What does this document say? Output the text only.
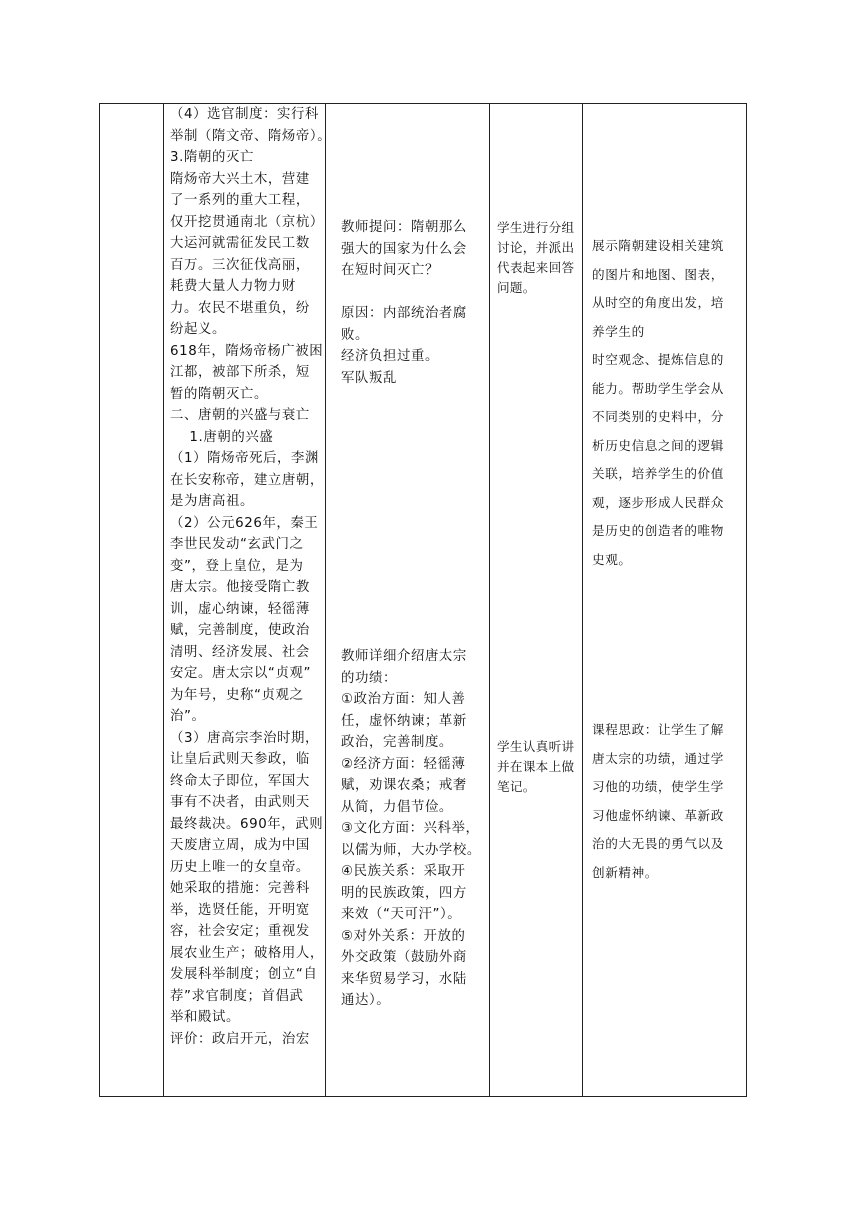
（4）选官制度：实行科
举制（隋文帝、隋炀帝）。
3.隋朝的灭亡
隋炀帝大兴土木，营建
了一系列的重大工程，
仅开挖贯通南北（京杭）
大运河就需征发民工数
百万。三次征伐高丽，
耗费大量人力物力财
力。农民不堪重负，纷
纷起义。
618年，隋炀帝杨广被困
江都，被部下所杀，短
暂的隋朝灭亡。
二、唐朝的兴盛与衰亡
1.唐朝的兴盛
（1）隋炀帝死后，李渊
在长安称帝，建立唐朝，
是为唐高祖。
（2）公元626年，秦王
李世民发动“玄武门之
变”，登上皇位，是为
唐太宗。他接受隋亡教
训，虚心纳谏，轻徭薄
赋，完善制度，使政治
清明、经济发展、社会
安定。唐太宗以“贞观”
为年号，史称“贞观之
治”。
（3）唐高宗李治时期，
让皇后武则天参政，临
终命太子即位，军国大
事有不决者，由武则天
最终裁决。690年，武则
天废唐立周，成为中国
历史上唯一的女皇帝。
她采取的措施：完善科
举，选贤任能，开明宽
容，社会安定；重视发
展农业生产；破格用人，
发展科举制度；创立“自
荐”求官制度；首倡武
举和殿试。
评价：政启开元，治宏
教师提问：隋朝那么
强大的国家为什么会
在短时间灭亡？

原因：内部统治者腐
败。
经济负担过重。
军队叛乱
教师详细介绍唐太宗
的功绩：
①政治方面：知人善
任，虚怀纳谏；革新
政治，完善制度。
②经济方面：轻徭薄
赋，劝课农桑；戒奢
从简，力倡节俭。
③文化方面：兴科举，
以儒为师，大办学校。
④民族关系：采取开
明的民族政策，四方
来效（“天可汗”）。
⑤对外关系：开放的
外交政策（鼓励外商
来华贸易学习，水陆
通达）。
学生进行分组
讨论，并派出
代表起来回答
问题。
学生认真听讲
并在课本上做
笔记。
展示隋朝建设相关建筑
的图片和地图、图表，
从时空的角度出发，培
养学生的
时空观念、提炼信息的
能力。帮助学生学会从
不同类别的史料中，分
析历史信息之间的逻辑
关联，培养学生的价值
观，逐步形成人民群众
是历史的创造者的唯物
史观。
课程思政：让学生了解
唐太宗的功绩，通过学
习他的功绩，使学生学
习他虚怀纳谏、革新政
治的大无畏的勇气以及
创新精神。
